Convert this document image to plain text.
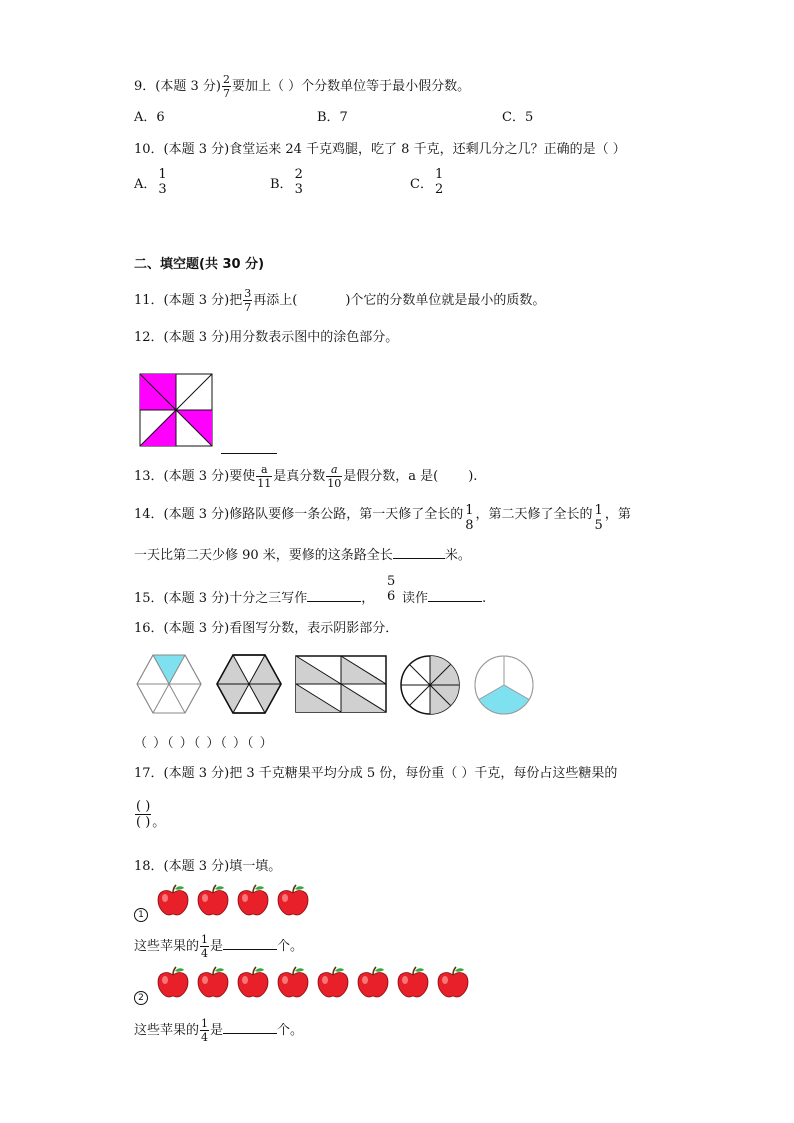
9．(本题 3 分) $\frac{2}{7}$ 要加上（ ）个分数单位等于最小假分数。
A．6	B．7	C．5
10．(本题 3 分)食堂运来 24 千克鸡腿，吃了 8 千克，还剩几分之几？正确的是（ ）
A．
1
3	B．
2
3	C．
1
2
二、填空题(共 30 分)
11．(本题 3 分)把 $\frac{3}{7}$ 再添上(	)个它的分数单位就是最小的质数。
12．(本题 3 分)用分数表示图中的涂色部分。
13．(本题 3 分)要使 $\frac{a}{11}$ 是真分数 $\frac{a}{10}$ 是假分数，a 是( ).
14．(本题 3 分)修路队要修一条公路，第一天修了全长的 1
8
，第二天修了全长的 1
5
，第
一天比第二天少修 90 米，要修的这条路全长	米。
15．(本题 3 分)十分之三写作	，
5
6 读作	.
16．(本题 3 分)看图写分数，表示阴影部分．
（ ）（ ）（ ）（ ）（ ）
17．(本题 3 分)把 3 千克糖果平均分成 5 份，每份重（ ）千克，每份占这些糖果的
$\frac{( )}{( )}$ 。
18．(本题 3 分)填一填。
1
这些苹果的 $\frac{1}{4}$ 是	个。
2
这些苹果的 $\frac{1}{4}$ 是	个。
